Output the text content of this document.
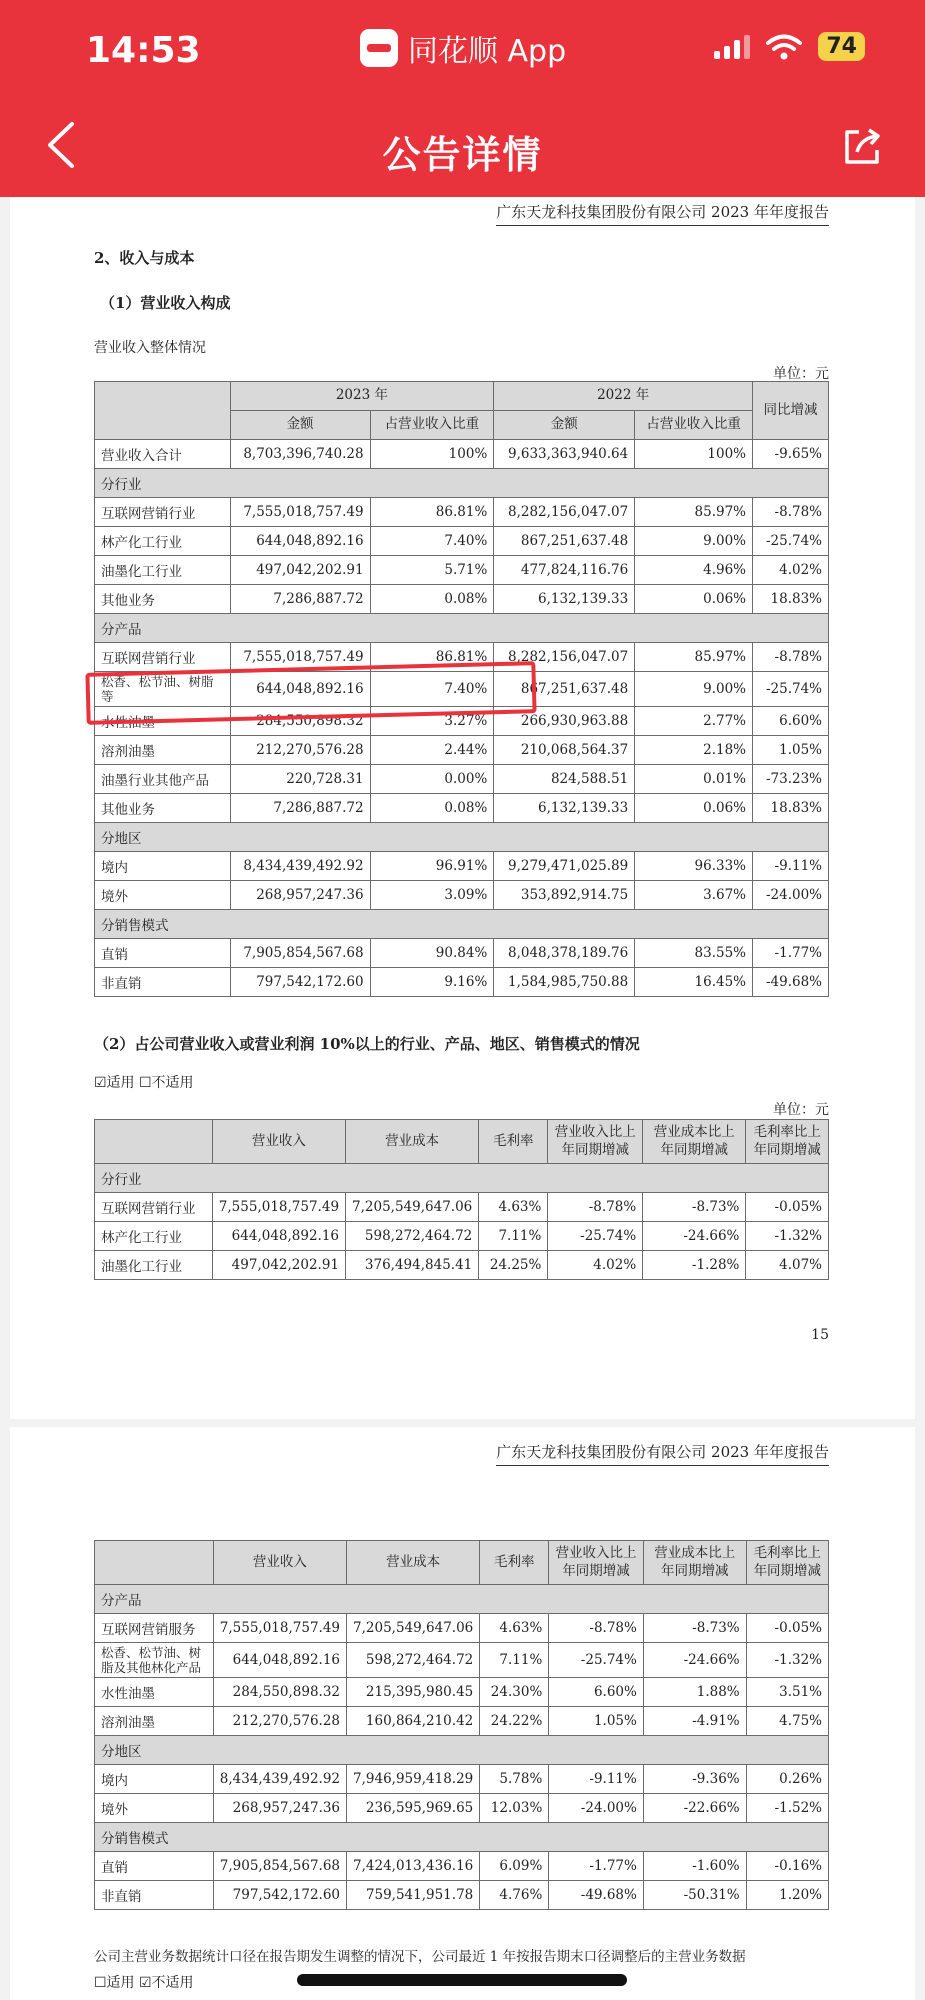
14:53	同花顺 App	74
公告详情
广东天龙科技集团股份有限公司 2023 年年度报告
2、收入与成本
（1）营业收入构成
营业收入整体情况
单位：元
	2023 年		2022 年		同比增减
	金额	占营业收入比重	金额	占营业收入比重	
营业收入合计	8,703,396,740.28	100%	9,633,363,940.64	100%	-9.65%
分行业					
互联网营销行业	7,555,018,757.49	86.81%	8,282,156,047.07	85.97%	-8.78%
林产化工行业	644,048,892.16	7.40%	867,251,637.48	9.00%	-25.74%
油墨化工行业	497,042,202.91	5.71%	477,824,116.76	4.96%	4.02%
其他业务	7,286,887.72	0.08%	6,132,139.33	0.06%	18.83%
分产品					
互联网营销行业	7,555,018,757.49	86.81%	8,282,156,047.07	85.97%	-8.78%
松香、松节油、树脂等	644,048,892.16	7.40%	867,251,637.48	9.00%	-25.74%
水性油墨	284,550,898.32	3.27%	266,930,963.88	2.77%	6.60%
溶剂油墨	212,270,576.28	2.44%	210,068,564.37	2.18%	1.05%
油墨行业其他产品	220,728.31	0.00%	824,588.51	0.01%	-73.23%
其他业务	7,286,887.72	0.08%	6,132,139.33	0.06%	18.83%
分地区					
境内	8,434,439,492.92	96.91%	9,279,471,025.89	96.33%	-9.11%
境外	268,957,247.36	3.09%	353,892,914.75	3.67%	-24.00%
分销售模式					
直销	7,905,854,567.68	90.84%	8,048,378,189.76	83.55%	-1.77%
非直销	797,542,172.60	9.16%	1,584,985,750.88	16.45%	-49.68%
（2）占公司营业收入或营业利润 10%以上的行业、产品、地区、销售模式的情况
☑适用 ☐不适用
单位：元
	营业收入	营业成本	毛利率	营业收入比上年同期增减	营业成本比上年同期增减	毛利率比上年同期增减
分行业						
互联网营销行业	7,555,018,757.49	7,205,549,647.06	4.63%	-8.78%	-8.73%	-0.05%
林产化工行业	644,048,892.16	598,272,464.72	7.11%	-25.74%	-24.66%	-1.32%
油墨化工行业	497,042,202.91	376,494,845.41	24.25%	4.02%	-1.28%	4.07%
15
广东天龙科技集团股份有限公司 2023 年年度报告
	营业收入	营业成本	毛利率	营业收入比上年同期增减	营业成本比上年同期增减	毛利率比上年同期增减
分产品						
互联网营销服务	7,555,018,757.49	7,205,549,647.06	4.63%	-8.78%	-8.73%	-0.05%
松香、松节油、树脂及其他林化产品	644,048,892.16	598,272,464.72	7.11%	-25.74%	-24.66%	-1.32%
水性油墨	284,550,898.32	215,395,980.45	24.30%	6.60%	1.88%	3.51%
溶剂油墨	212,270,576.28	160,864,210.42	24.22%	1.05%	-4.91%	4.75%
分地区						
境内	8,434,439,492.92	7,946,959,418.29	5.78%	-9.11%	-9.36%	0.26%
境外	268,957,247.36	236,595,969.65	12.03%	-24.00%	-22.66%	-1.52%
分销售模式						
直销	7,905,854,567.68	7,424,013,436.16	6.09%	-1.77%	-1.60%	-0.16%
非直销	797,542,172.60	759,541,951.78	4.76%	-49.68%	-50.31%	1.20%
公司主营业务数据统计口径在报告期发生调整的情况下，公司最近 1 年按报告期末口径调整后的主营业务数据
☐适用 ☑不适用
